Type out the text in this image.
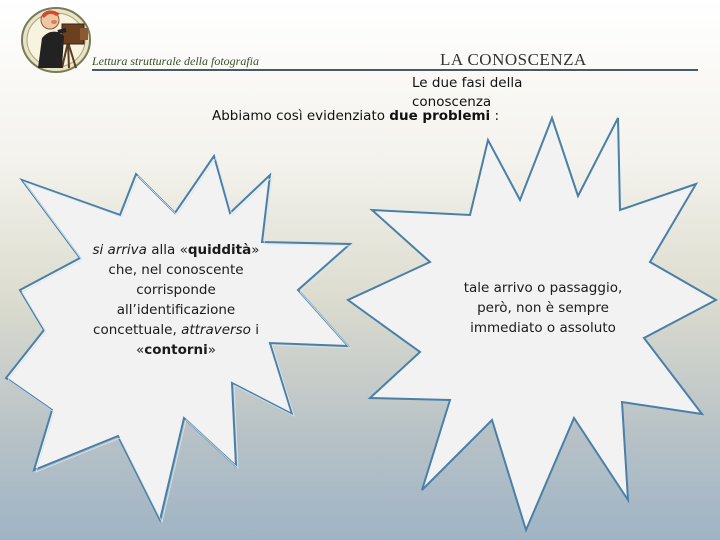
Lettura strutturale della fotografia	LA CONOSCENZA
Le due fasi della conoscenza
Abbiamo così evidenziato due problemi :
si arriva alla «quiddità» che, nel conoscente corrisponde all’identificazione concettuale, attraverso i «contorni»
tale arrivo o passaggio, però, non è sempre immediato o assoluto
